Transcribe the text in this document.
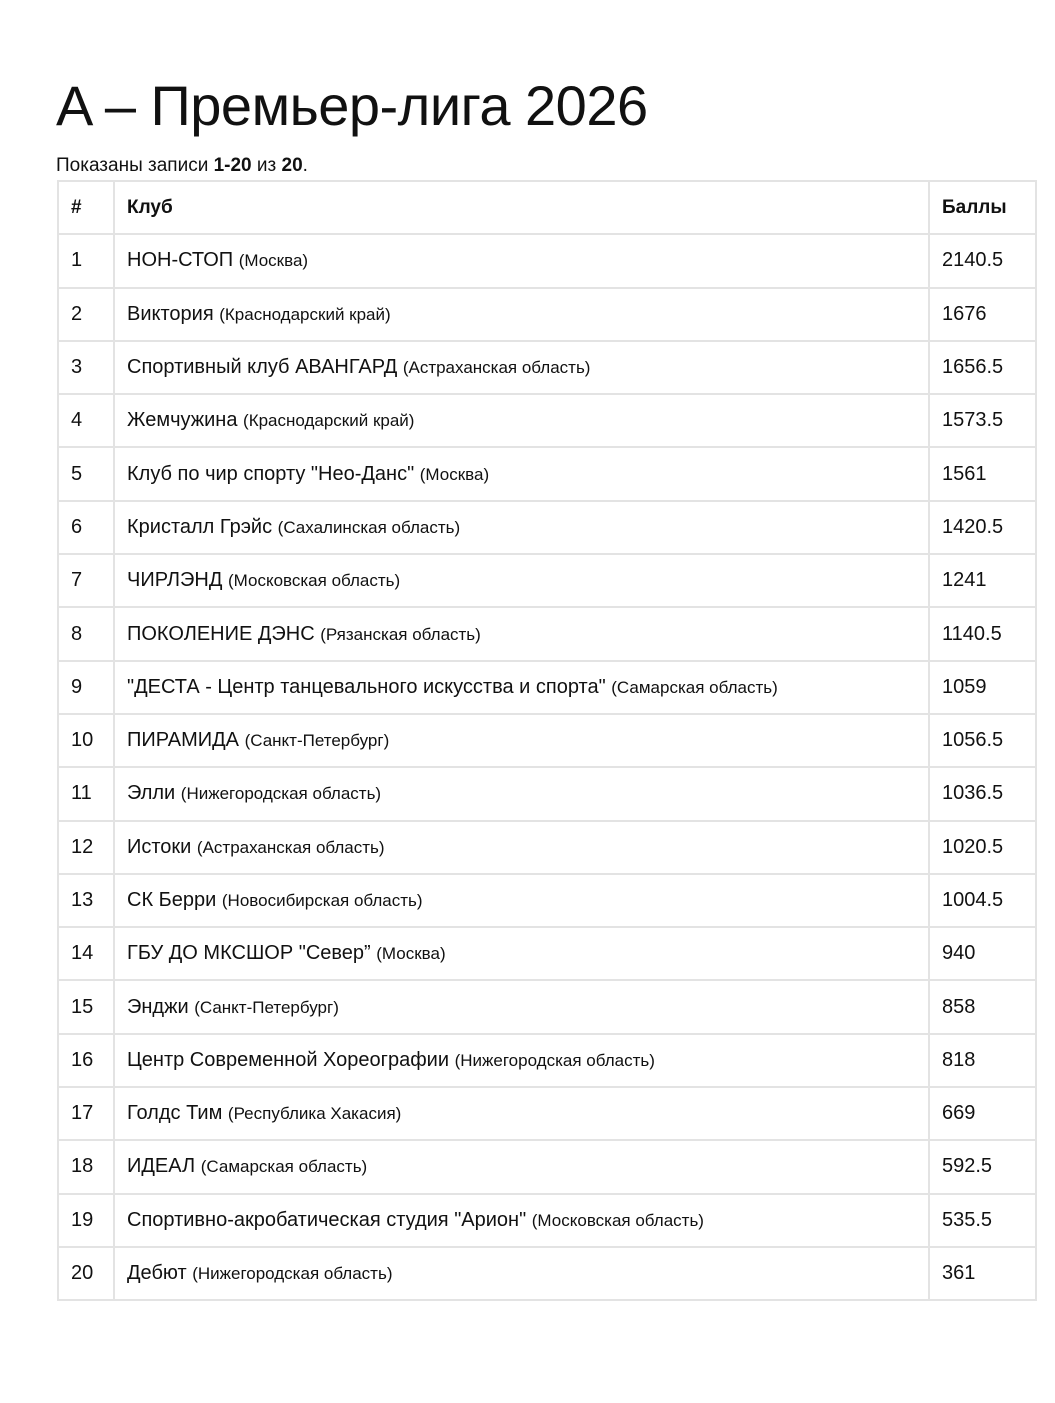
A – Премьер-лига 2026
Показаны записи 1-20 из 20.
#	Клуб	Баллы
1	НОН-СТОП (Москва)	2140.5
2	Виктория (Краснодарский край)	1676
3	Спортивный клуб АВАНГАРД (Астраханская область)	1656.5
4	Жемчужина (Краснодарский край)	1573.5
5	Клуб по чир спорту "Нео-Данс" (Москва)	1561
6	Кристалл Грэйс (Сахалинская область)	1420.5
7	ЧИРЛЭНД (Московская область)	1241
8	ПОКОЛЕНИЕ ДЭНС (Рязанская область)	1140.5
9	"ДЕСТА - Центр танцевального искусства и спорта" (Самарская область)	1059
10	ПИРАМИДА (Санкт-Петербург)	1056.5
11	Элли (Нижегородская область)	1036.5
12	Истоки (Астраханская область)	1020.5
13	СК Берри (Новосибирская область)	1004.5
14	ГБУ ДО МКСШОР "Север” (Москва)	940
15	Энджи (Санкт-Петербург)	858
16	Центр Современной Хореографии (Нижегородская область)	818
17	Голдс Тим (Республика Хакасия)	669
18	ИДЕАЛ (Самарская область)	592.5
19	Спортивно-акробатическая студия "Арион" (Московская область)	535.5
20	Дебют (Нижегородская область)	361
